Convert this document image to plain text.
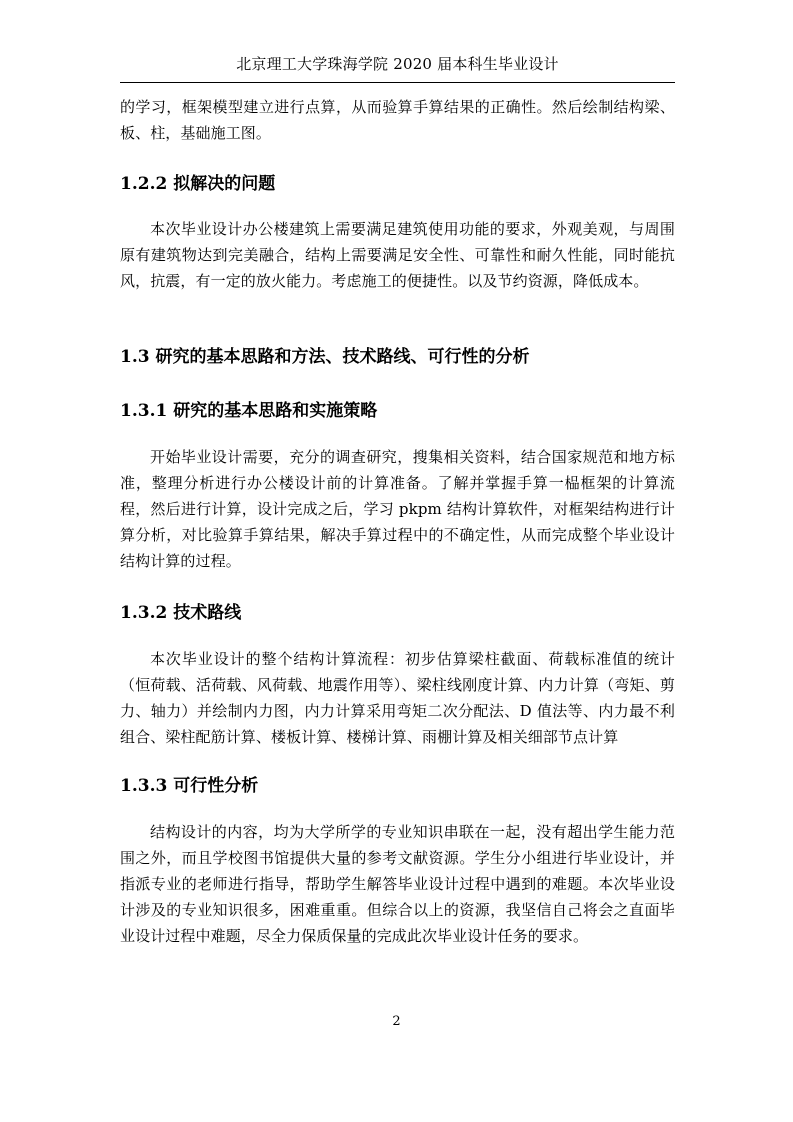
北京理工大学珠海学院 2020 届本科生毕业设计

的学习，框架模型建立进行点算，从而验算手算结果的正确性。然后绘制结构梁、板、柱，基础施工图。

1.2.2 拟解决的问题

本次毕业设计办公楼建筑上需要满足建筑使用功能的要求，外观美观，与周围原有建筑物达到完美融合，结构上需要满足安全性、可靠性和耐久性能，同时能抗风，抗震，有一定的放火能力。考虑施工的便捷性。以及节约资源，降低成本。

1.3 研究的基本思路和方法、技术路线、可行性的分析
1.3.1 研究的基本思路和实施策略

开始毕业设计需要，充分的调查研究，搜集相关资料，结合国家规范和地方标准，整理分析进行办公楼设计前的计算准备。了解并掌握手算一榀框架的计算流程，然后进行计算，设计完成之后，学习 pkpm 结构计算软件，对框架结构进行计算分析，对比验算手算结果，解决手算过程中的不确定性，从而完成整个毕业设计结构计算的过程。

1.3.2 技术路线

本次毕业设计的整个结构计算流程：初步估算梁柱截面、荷载标准值的统计（恒荷载、活荷载、风荷载、地震作用等）、梁柱线刚度计算、内力计算（弯矩、剪力、轴力）并绘制内力图，内力计算采用弯矩二次分配法、D 值法等、内力最不利组合、梁柱配筋计算、楼板计算、楼梯计算、雨棚计算及相关细部节点计算

1.3.3 可行性分析

结构设计的内容，均为大学所学的专业知识串联在一起，没有超出学生能力范围之外，而且学校图书馆提供大量的参考文献资源。学生分小组进行毕业设计，并指派专业的老师进行指导，帮助学生解答毕业设计过程中遇到的难题。本次毕业设计涉及的专业知识很多，困难重重。但综合以上的资源，我坚信自己将会之直面毕业设计过程中难题，尽全力保质保量的完成此次毕业设计任务的要求。

2
